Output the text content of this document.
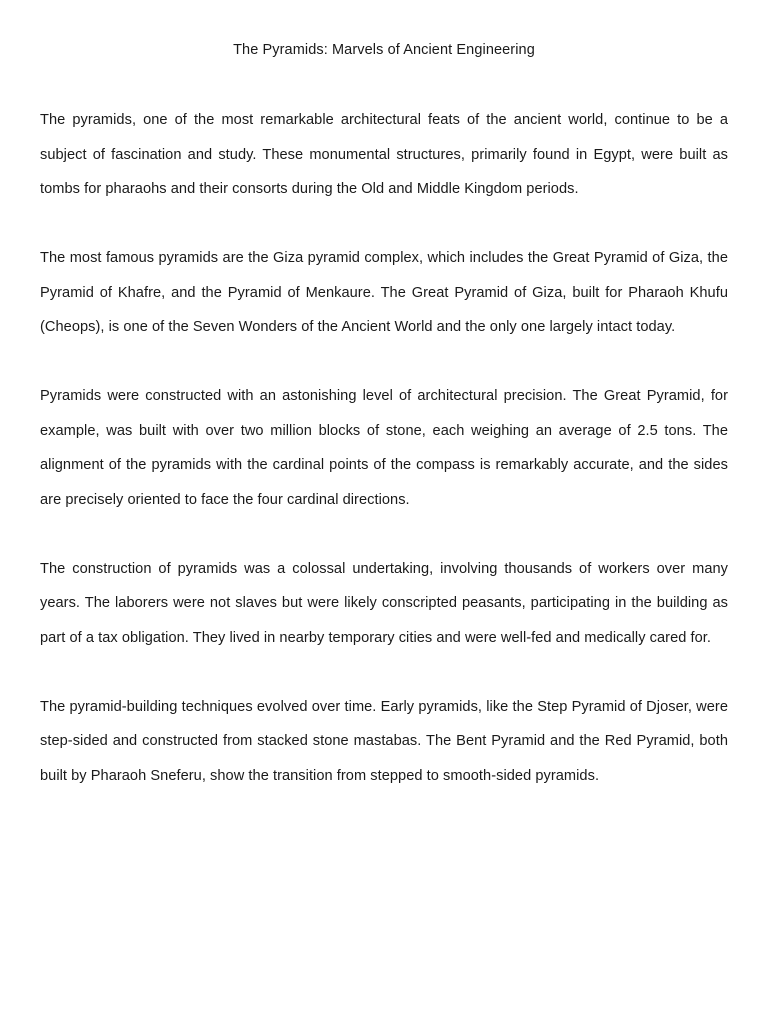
The Pyramids: Marvels of Ancient Engineering

The pyramids, one of the most remarkable architectural feats of the ancient world, continue to be a subject of fascination and study. These monumental structures, primarily found in Egypt, were built as tombs for pharaohs and their consorts during the Old and Middle Kingdom periods.

The most famous pyramids are the Giza pyramid complex, which includes the Great Pyramid of Giza, the Pyramid of Khafre, and the Pyramid of Menkaure. The Great Pyramid of Giza, built for Pharaoh Khufu (Cheops), is one of the Seven Wonders of the Ancient World and the only one largely intact today.

Pyramids were constructed with an astonishing level of architectural precision. The Great Pyramid, for example, was built with over two million blocks of stone, each weighing an average of 2.5 tons. The alignment of the pyramids with the cardinal points of the compass is remarkably accurate, and the sides are precisely oriented to face the four cardinal directions.

The construction of pyramids was a colossal undertaking, involving thousands of workers over many years. The laborers were not slaves but were likely conscripted peasants, participating in the building as part of a tax obligation. They lived in nearby temporary cities and were well-fed and medically cared for.

The pyramid-building techniques evolved over time. Early pyramids, like the Step Pyramid of Djoser, were step-sided and constructed from stacked stone mastabas. The Bent Pyramid and the Red Pyramid, both built by Pharaoh Sneferu, show the transition from stepped to smooth-sided pyramids.
